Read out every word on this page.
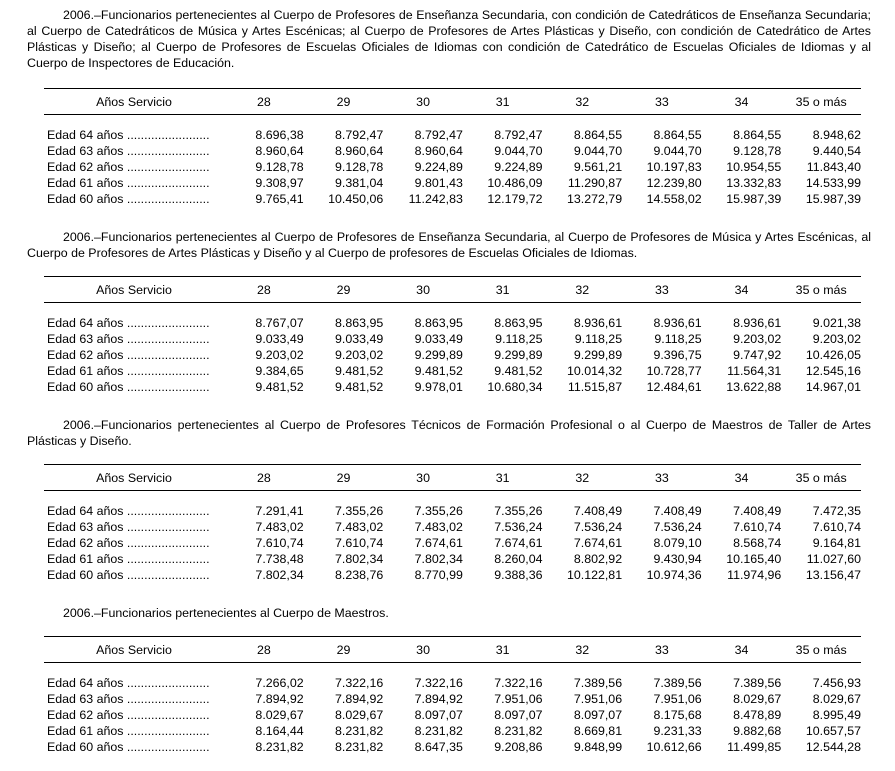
2006.–Funcionarios pertenecientes al Cuerpo de Profesores de Enseñanza Secundaria, con condición de Catedráticos de Enseñanza Secundaria; al Cuerpo de Catedráticos de Música y Artes Escénicas; al Cuerpo de Profesores de Artes Plásticas y Diseño, con condición de Catedrático de Artes Plásticas y Diseño; al Cuerpo de Profesores de Escuelas Oficiales de Idiomas con condición de Catedrático de Escuelas Oficiales de Idiomas y al Cuerpo de Inspectores de Educación.

Años Servicio	28	29	30	31	32	33	34	35 o más

Edad 64 años ........................	8.696,38	8.792,47	8.792,47	8.792,47	8.864,55	8.864,55	8.864,55	8.948,62
Edad 63 años ........................	8.960,64	8.960,64	8.960,64	9.044,70	9.044,70	9.044,70	9.128,78	9.440,54
Edad 62 años ........................	9.128,78	9.128,78	9.224,89	9.224,89	9.561,21	10.197,83	10.954,55	11.843,40
Edad 61 años ........................	9.308,97	9.381,04	9.801,43	10.486,09	11.290,87	12.239,80	13.332,83	14.533,99
Edad 60 años ........................	9.765,41	10.450,06	11.242,83	12.179,72	13.272,79	14.558,02	15.987,39	15.987,39

2006.–Funcionarios pertenecientes al Cuerpo de Profesores de Enseñanza Secundaria, al Cuerpo de Profesores de Música y Artes Escénicas, al Cuerpo de Profesores de Artes Plásticas y Diseño y al Cuerpo de profesores de Escuelas Oficiales de Idiomas.

Años Servicio	28	29	30	31	32	33	34	35 o más

Edad 64 años ........................	8.767,07	8.863,95	8.863,95	8.863,95	8.936,61	8.936,61	8.936,61	9.021,38
Edad 63 años ........................	9.033,49	9.033,49	9.033,49	9.118,25	9.118,25	9.118,25	9.203,02	9.203,02
Edad 62 años ........................	9.203,02	9.203,02	9.299,89	9.299,89	9.299,89	9.396,75	9.747,92	10.426,05
Edad 61 años ........................	9.384,65	9.481,52	9.481,52	9.481,52	10.014,32	10.728,77	11.564,31	12.545,16
Edad 60 años ........................	9.481,52	9.481,52	9.978,01	10.680,34	11.515,87	12.484,61	13.622,88	14.967,01

2006.–Funcionarios pertenecientes al Cuerpo de Profesores Técnicos de Formación Profesional o al Cuerpo de Maestros de Taller de Artes Plásticas y Diseño.

Años Servicio	28	29	30	31	32	33	34	35 o más

Edad 64 años ........................	7.291,41	7.355,26	7.355,26	7.355,26	7.408,49	7.408,49	7.408,49	7.472,35
Edad 63 años ........................	7.483,02	7.483,02	7.483,02	7.536,24	7.536,24	7.536,24	7.610,74	7.610,74
Edad 62 años ........................	7.610,74	7.610,74	7.674,61	7.674,61	7.674,61	8.079,10	8.568,74	9.164,81
Edad 61 años ........................	7.738,48	7.802,34	7.802,34	8.260,04	8.802,92	9.430,94	10.165,40	11.027,60
Edad 60 años ........................	7.802,34	8.238,76	8.770,99	9.388,36	10.122,81	10.974,36	11.974,96	13.156,47

2006.–Funcionarios pertenecientes al Cuerpo de Maestros.

Años Servicio	28	29	30	31	32	33	34	35 o más

Edad 64 años ........................	7.266,02	7.322,16	7.322,16	7.322,16	7.389,56	7.389,56	7.389,56	7.456,93
Edad 63 años ........................	7.894,92	7.894,92	7.894,92	7.951,06	7.951,06	7.951,06	8.029,67	8.029,67
Edad 62 años ........................	8.029,67	8.029,67	8.097,07	8.097,07	8.097,07	8.175,68	8.478,89	8.995,49
Edad 61 años ........................	8.164,44	8.231,82	8.231,82	8.231,82	8.669,81	9.231,33	9.882,68	10.657,57
Edad 60 años ........................	8.231,82	8.231,82	8.647,35	9.208,86	9.848,99	10.612,66	11.499,85	12.544,28
